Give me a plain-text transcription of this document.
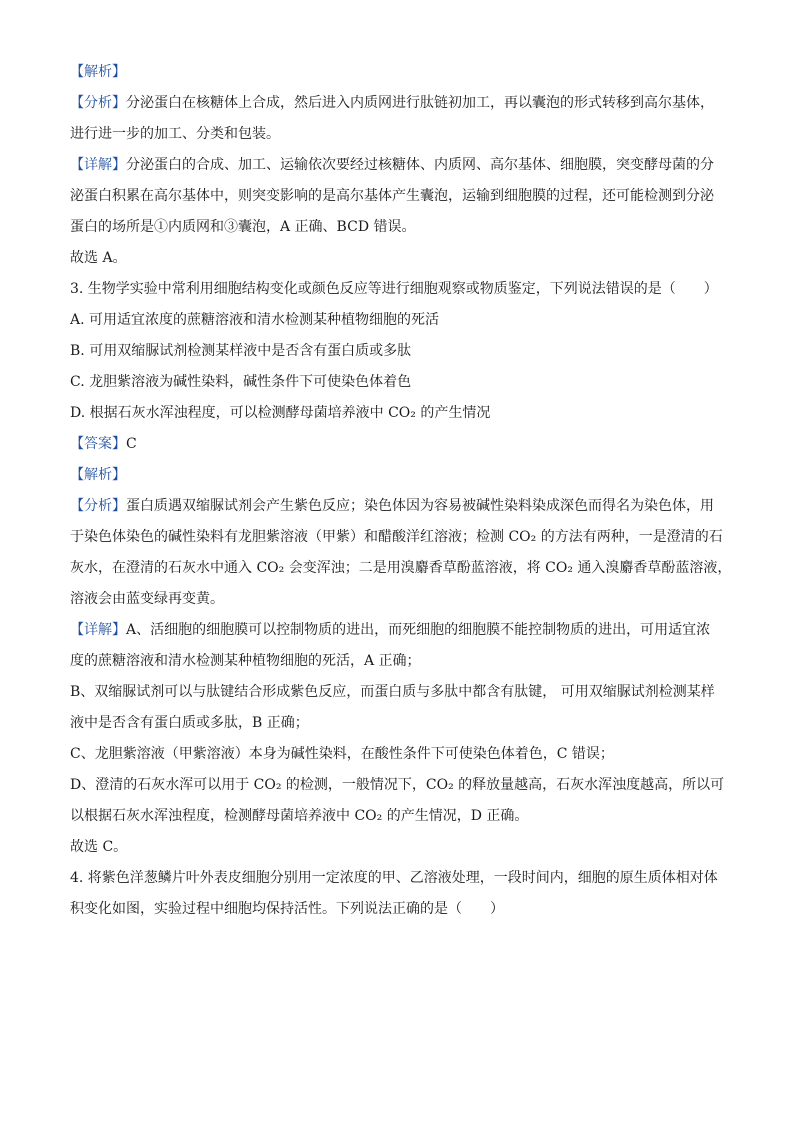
【解析】

【分析】分泌蛋白在核糖体上合成，然后进入内质网进行肽链初加工，再以囊泡的形式转移到高尔基体，

进行进一步的加工、分类和包装。

【详解】分泌蛋白的合成、加工、运输依次要经过核糖体、内质网、高尔基体、细胞膜，突变酵母菌的分

泌蛋白积累在高尔基体中，则突变影响的是高尔基体产生囊泡，运输到细胞膜的过程，还可能检测到分泌

蛋白的场所是①内质网和③囊泡，A 正确、BCD 错误。

故选 A。

3. 生物学实验中常利用细胞结构变化或颜色反应等进行细胞观察或物质鉴定，下列说法错误的是（　　）

A. 可用适宜浓度的蔗糖溶液和清水检测某种植物细胞的死活

B. 可用双缩脲试剂检测某样液中是否含有蛋白质或多肽

C. 龙胆紫溶液为碱性染料，碱性条件下可使染色体着色

D. 根据石灰水浑浊程度，可以检测酵母菌培养液中 CO₂ 的产生情况

【答案】C

【解析】

【分析】蛋白质遇双缩脲试剂会产生紫色反应；染色体因为容易被碱性染料染成深色而得名为染色体，用

于染色体染色的碱性染料有龙胆紫溶液（甲紫）和醋酸洋红溶液；检测 CO₂ 的方法有两种，一是澄清的石

灰水，在澄清的石灰水中通入 CO₂ 会变浑浊；二是用溴麝香草酚蓝溶液，将 CO₂ 通入溴麝香草酚蓝溶液，

溶液会由蓝变绿再变黄。

【详解】A、活细胞的细胞膜可以控制物质的进出，而死细胞的细胞膜不能控制物质的进出，可用适宜浓

度的蔗糖溶液和清水检测某种植物细胞的死活，A 正确；

B、双缩脲试剂可以与肽键结合形成紫色反应，而蛋白质与多肽中都含有肽键， 可用双缩脲试剂检测某样

液中是否含有蛋白质或多肽，B 正确；

C、龙胆紫溶液（甲紫溶液）本身为碱性染料，在酸性条件下可使染色体着色，C 错误；

D、澄清的石灰水浑可以用于 CO₂ 的检测，一般情况下，CO₂ 的释放量越高，石灰水浑浊度越高，所以可

以根据石灰水浑浊程度，检测酵母菌培养液中 CO₂ 的产生情况，D 正确。

故选 C。

4. 将紫色洋葱鳞片叶外表皮细胞分别用一定浓度的甲、乙溶液处理，一段时间内，细胞的原生质体相对体

积变化如图，实验过程中细胞均保持活性。下列说法正确的是（　　）
